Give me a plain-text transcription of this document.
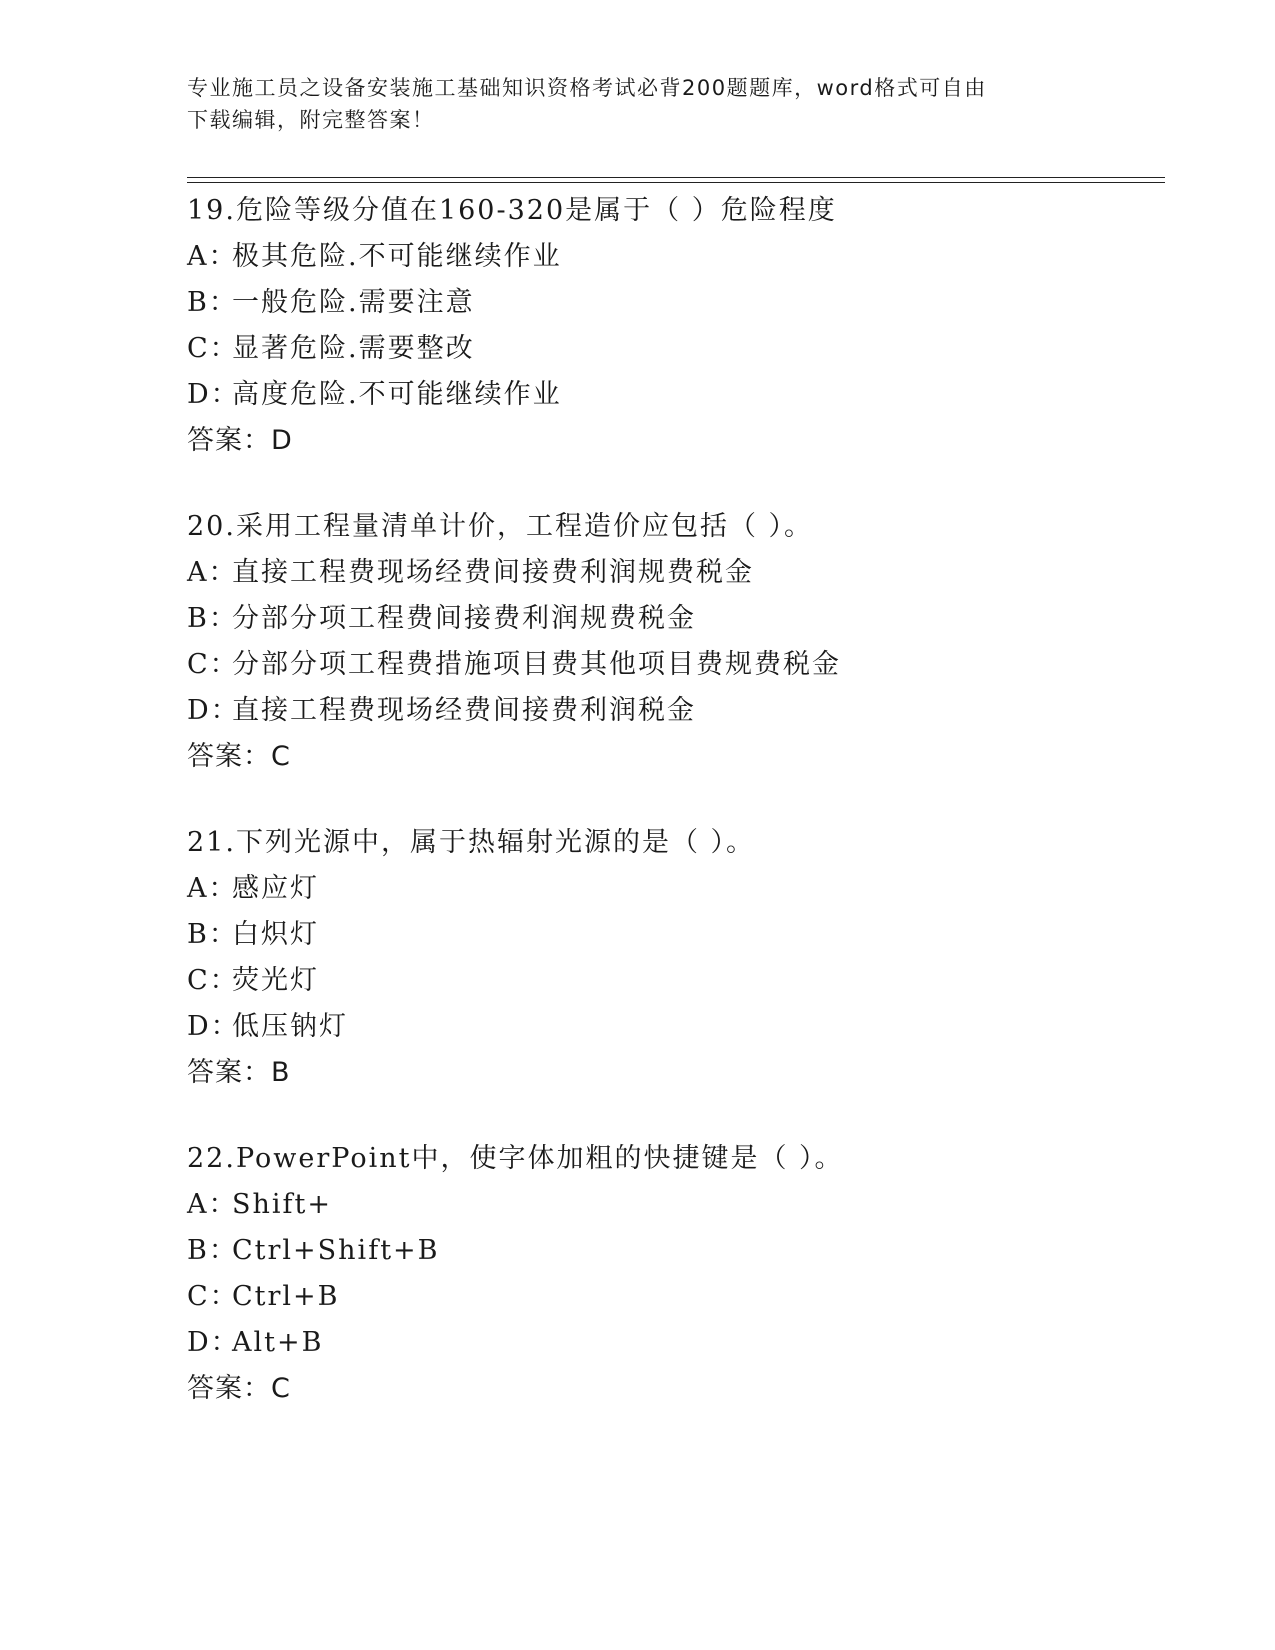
专业施工员之设备安装施工基础知识资格考试必背200题题库，word格式可自由
下载编辑，附完整答案！
19.危险等级分值在160-320是属于（ ）危险程度
A：极其危险.不可能继续作业
B：一般危险.需要注意
C：显著危险.需要整改
D：高度危险.不可能继续作业
答案：D
20.采用工程量清单计价，工程造价应包括（ ）。
A：直接工程费现场经费间接费利润规费税金
B：分部分项工程费间接费利润规费税金
C：分部分项工程费措施项目费其他项目费规费税金
D：直接工程费现场经费间接费利润税金
答案：C
21.下列光源中，属于热辐射光源的是（ ）。
A：感应灯
B：白炽灯
C：荧光灯
D：低压钠灯
答案：B
22.PowerPoint中，使字体加粗的快捷键是（ ）。
A：Shift+
B：Ctrl+Shift+B
C：Ctrl+B
D：Alt+B
答案：C
